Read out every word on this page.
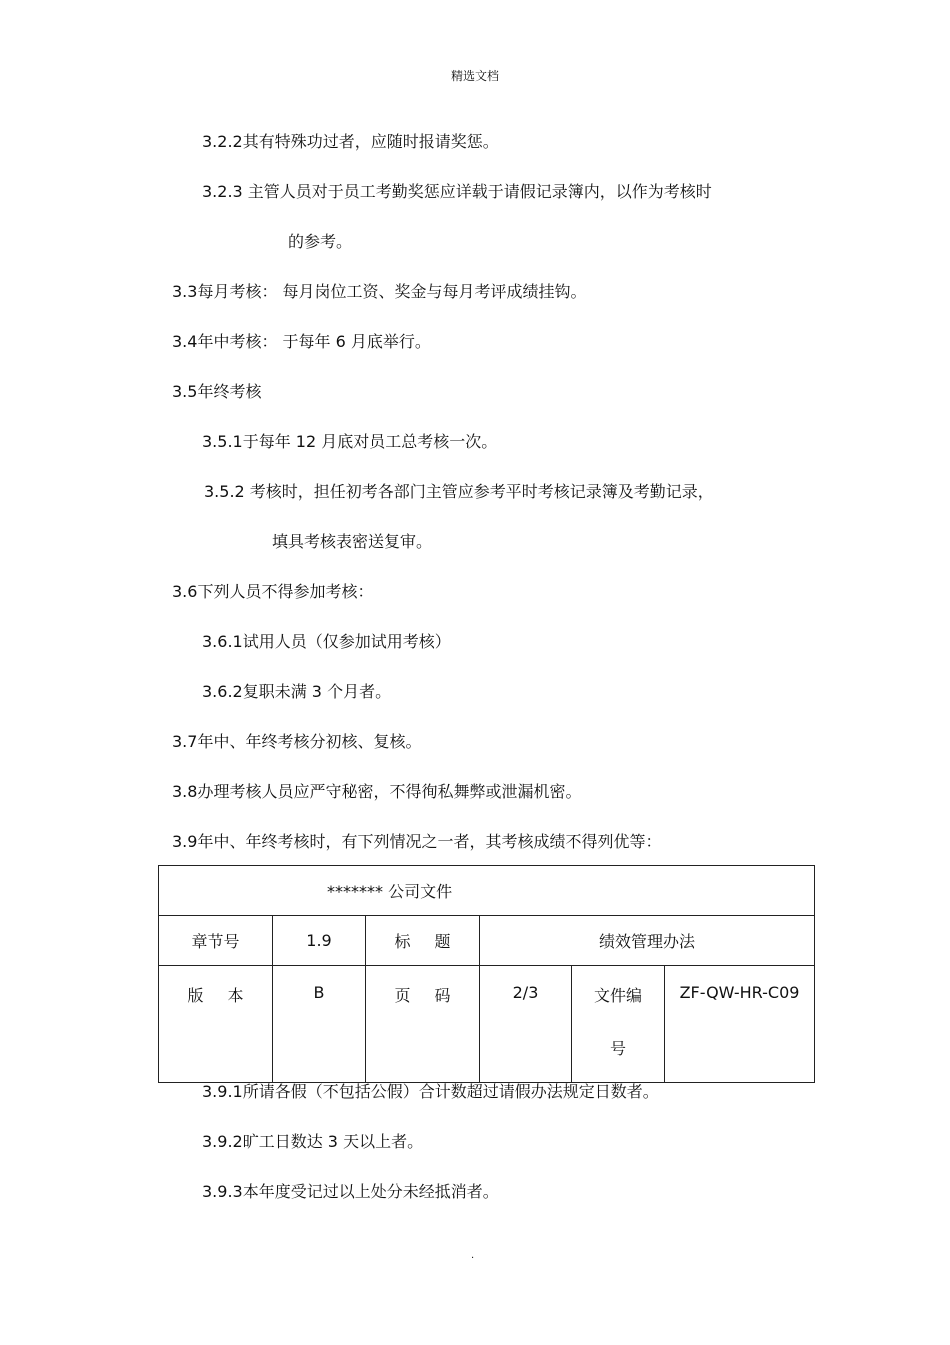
精选文档
3.2.2其有特殊功过者，应随时报请奖惩。
3.2.3 主管人员对于员工考勤奖惩应详载于请假记录簿内，以作为考核时
的参考。
3.3每月考核： 每月岗位工资、奖金与每月考评成绩挂钩。
3.4年中考核： 于每年 6 月底举行。
3.5年终考核
3.5.1于每年 12 月底对员工总考核一次。
3.5.2 考核时，担任初考各部门主管应参考平时考核记录簿及考勤记录，
填具考核表密送复审。
3.6下列人员不得参加考核：
3.6.1试用人员（仅参加试用考核）
3.6.2复职未满 3 个月者。
3.7年中、年终考核分初核、复核。
3.8办理考核人员应严守秘密，不得徇私舞弊或泄漏机密。
3.9年中、年终考核时，有下列情况之一者，其考核成绩不得列优等：
******* 公司文件					
章节号	1.9	标题	绩效管理办法		
版本	B	页码	2/3	文件编
号	ZF-QW-HR-C09
3.9.1所请各假（不包括公假）合计数超过请假办法规定日数者。
3.9.2旷工日数达 3 天以上者。
3.9.3本年度受记过以上处分未经抵消者。
.
